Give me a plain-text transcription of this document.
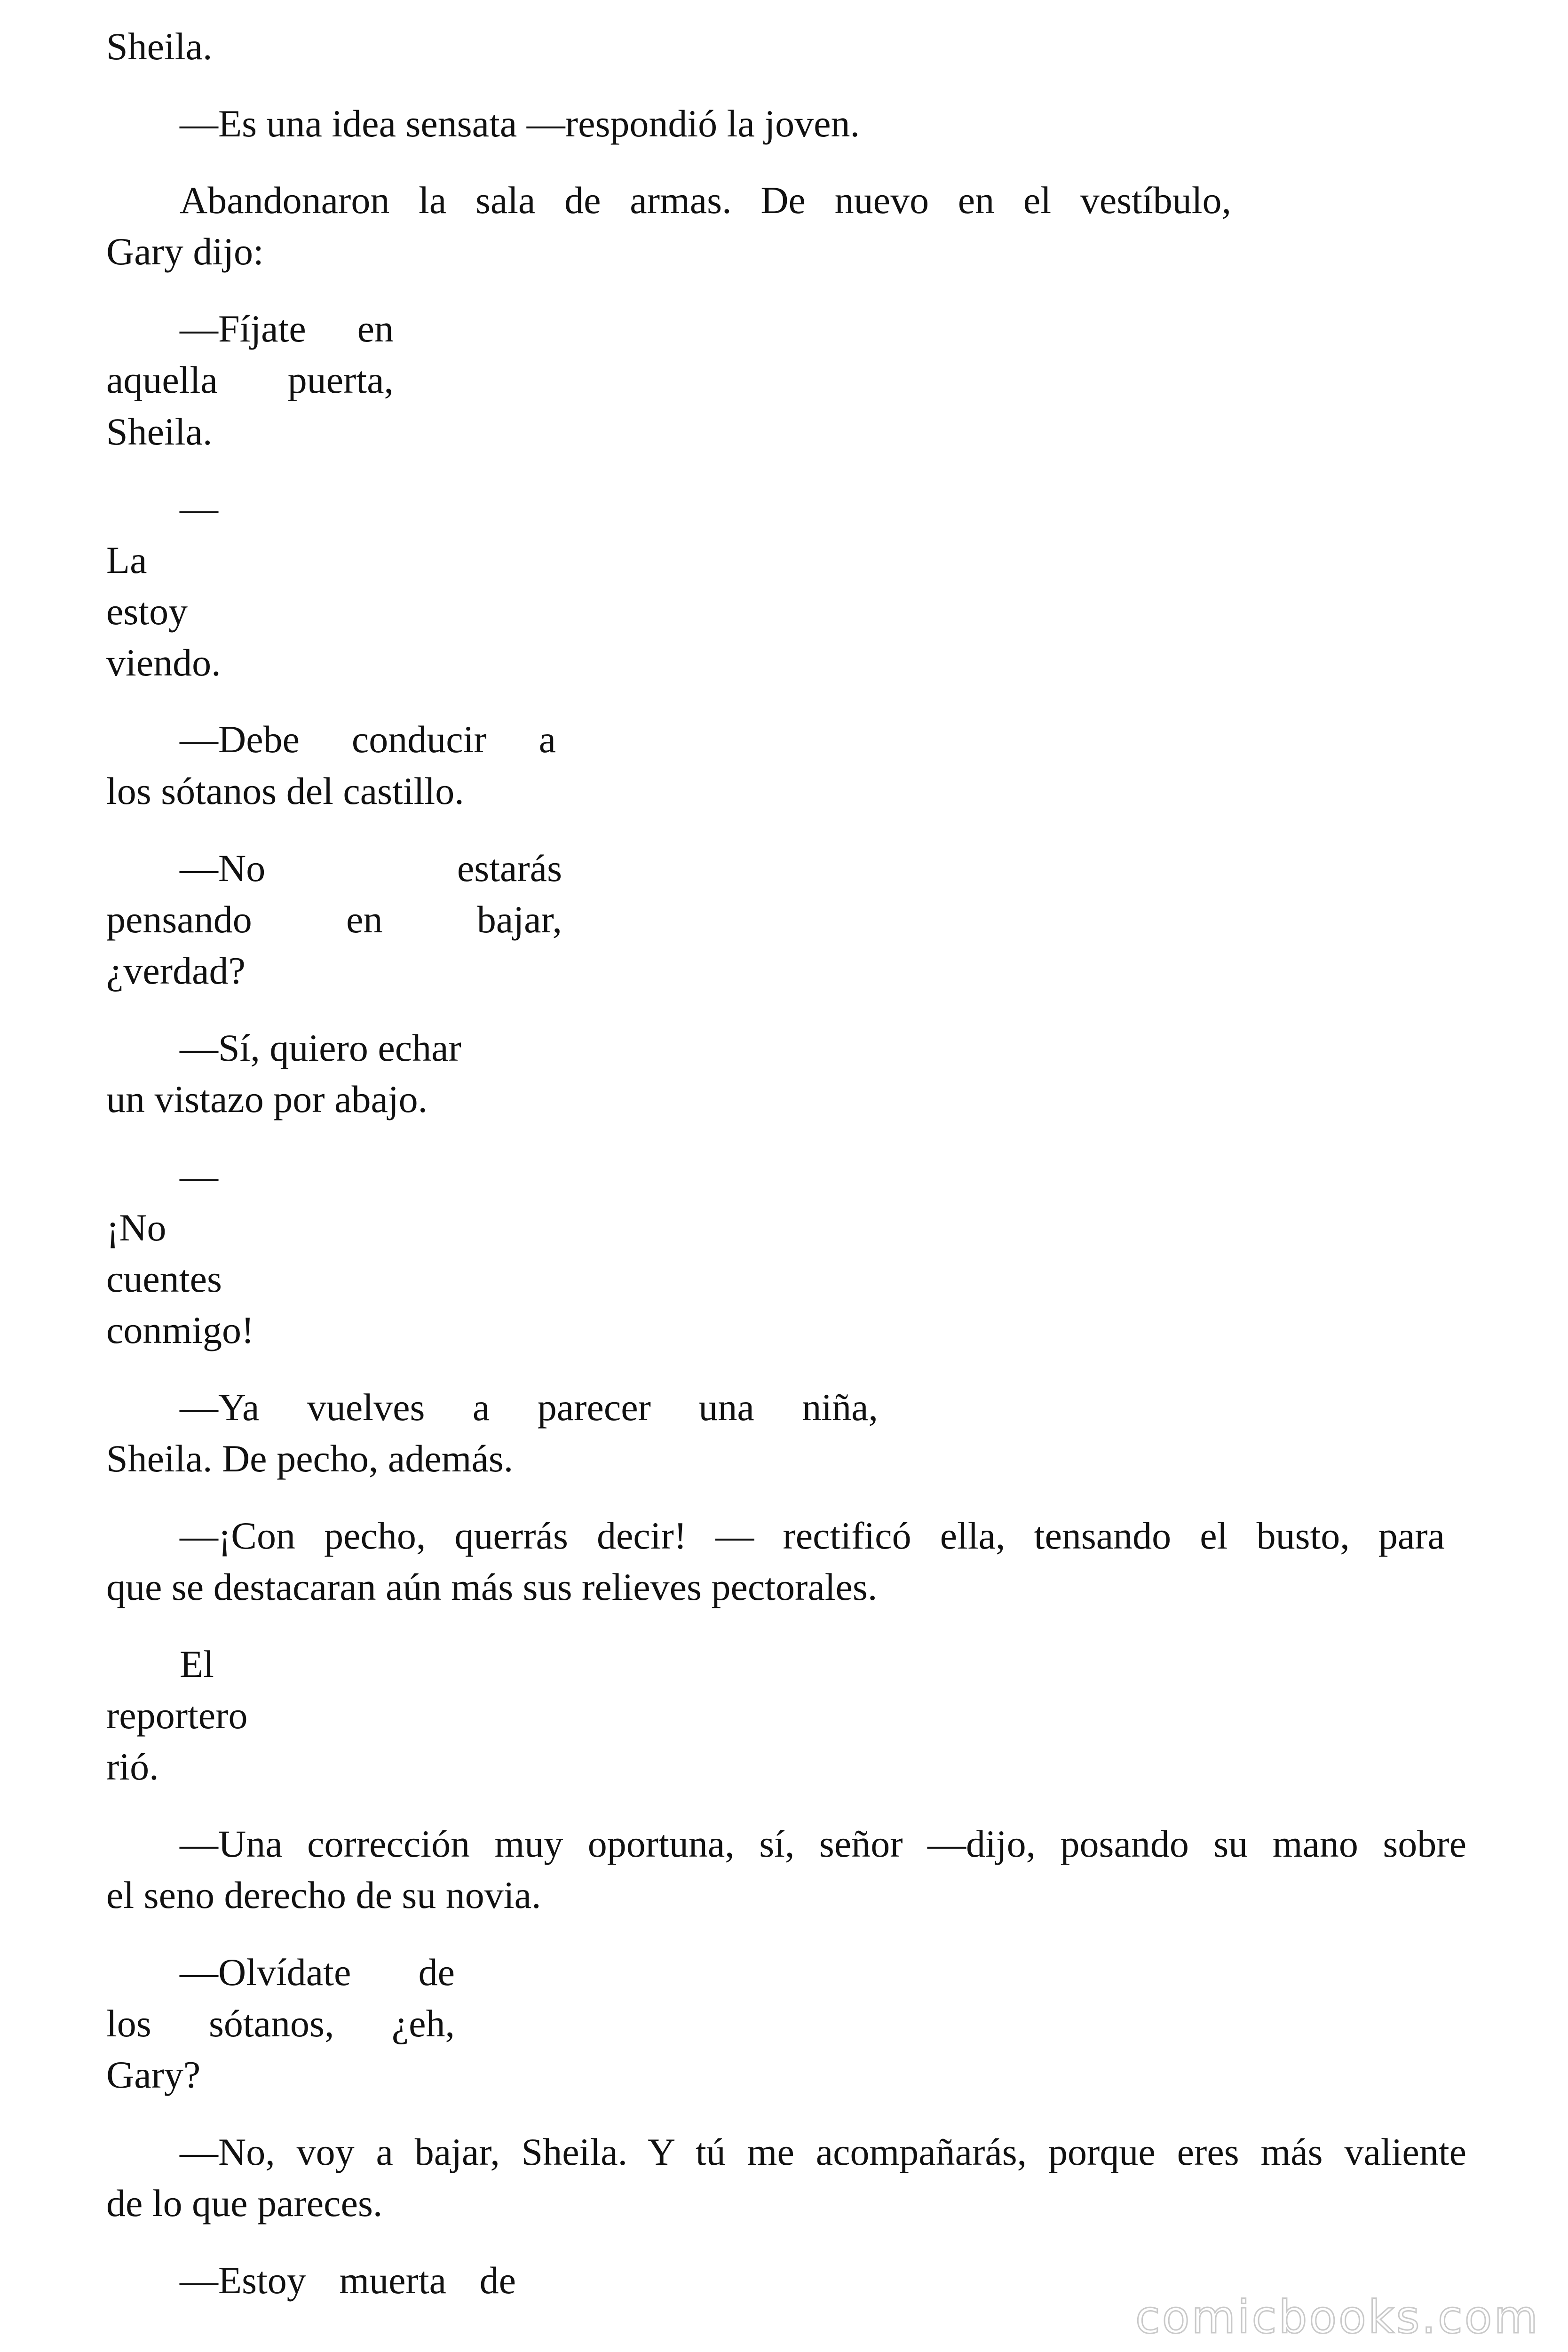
Sheila.
—Es una idea sensata —respondió la joven.
Abandonaron la sala de armas. De nuevo en el vestíbulo,
Gary dijo:
—Fíjate en
aquella puerta,
Sheila.
—
La
estoy
viendo.
—Debe conducir a
los sótanos del castillo.
—No estarás
pensando en bajar,
¿verdad?
—Sí, quiero echar
un vistazo por abajo.
—
¡No
cuentes
conmigo!
—Ya vuelves a parecer una niña,
Sheila. De pecho, además.
—¡Con pecho, querrás decir! — rectificó ella, tensando el busto, para
que se destacaran aún más sus relieves pectorales.
El
reportero
rió.
—Una corrección muy oportuna, sí, señor —dijo, posando su mano sobre
el seno derecho de su novia.
—Olvídate de
los sótanos, ¿eh,
Gary?
—No, voy a bajar, Sheila. Y tú me acompañarás, porque eres más valiente
de lo que pareces.
—Estoy muerta de
comicbooks.com
